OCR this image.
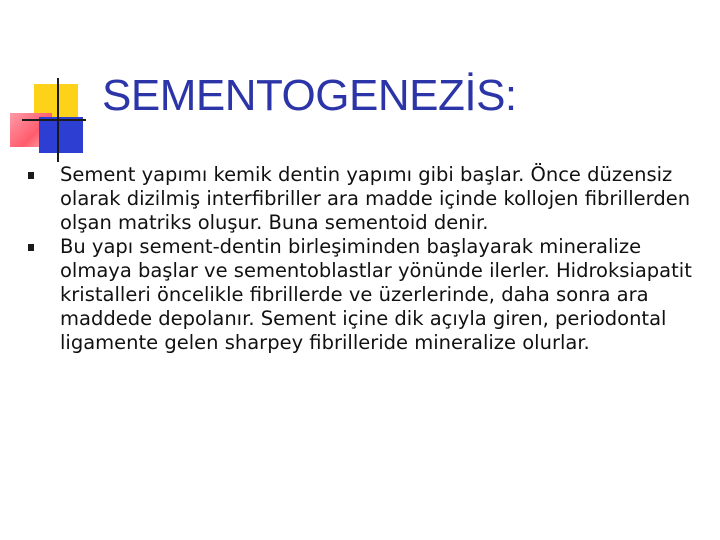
SEMENTOGENEZİS:
Sement yapımı kemik dentin yapımı gibi başlar. Önce düzensiz olarak dizilmiş interfibriller ara madde içinde kollojen fibrillerden olşan matriks oluşur. Buna sementoid denir.
Bu yapı sement-dentin birleşiminden başlayarak mineralize olmaya başlar ve sementoblastlar yönünde ilerler. Hidroksiapatit kristalleri öncelikle fibrillerde ve üzerlerinde, daha sonra ara maddede depolanır. Sement içine dik açıyla giren, periodontal ligamente gelen sharpey fibrilleride mineralize olurlar.
